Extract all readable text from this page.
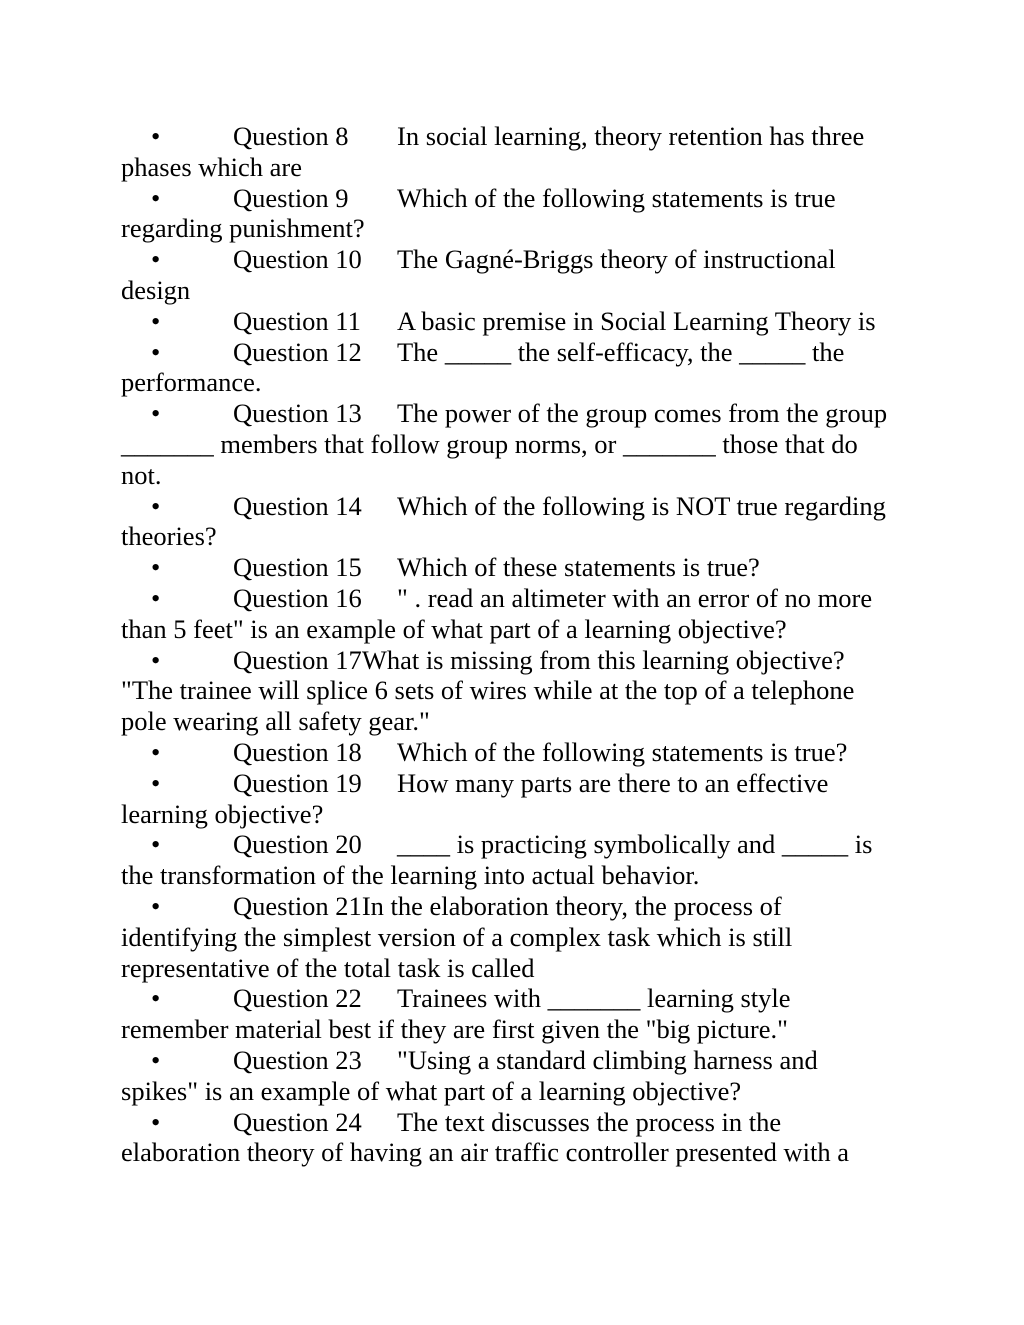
•	Question 8 In social learning, theory retention has three phases which are

•	Question 9 Which of the following statements is true regarding punishment?

•	Question 10 The Gagné-Briggs theory of instructional design

•	Question 11 A basic premise in Social Learning Theory is

•	Question 12 The _____ the self-efficacy, the _____ the performance.

•	Question 13 The power of the group comes from the group _______ members that follow group norms, or _______ those that do not.

•	Question 14 Which of the following is NOT true regarding theories?

•	Question 15 Which of these statements is true?

•	Question 16 " . read an altimeter with an error of no more than 5 feet" is an example of what part of a learning objective?

•	Question 17What is missing from this learning objective? "The trainee will splice 6 sets of wires while at the top of a telephone pole wearing all safety gear."

•	Question 18 Which of the following statements is true?

•	Question 19 How many parts are there to an effective learning objective?

•	Question 20 ____ is practicing symbolically and _____ is the transformation of the learning into actual behavior.

•	Question 21In the elaboration theory, the process of identifying the simplest version of a complex task which is still representative of the total task is called

•	Question 22 Trainees with _______ learning style remember material best if they are first given the "big picture."

•	Question 23 "Using a standard climbing harness and spikes" is an example of what part of a learning objective?

•	Question 24 The text discusses the process in the elaboration theory of having an air traffic controller presented with a
